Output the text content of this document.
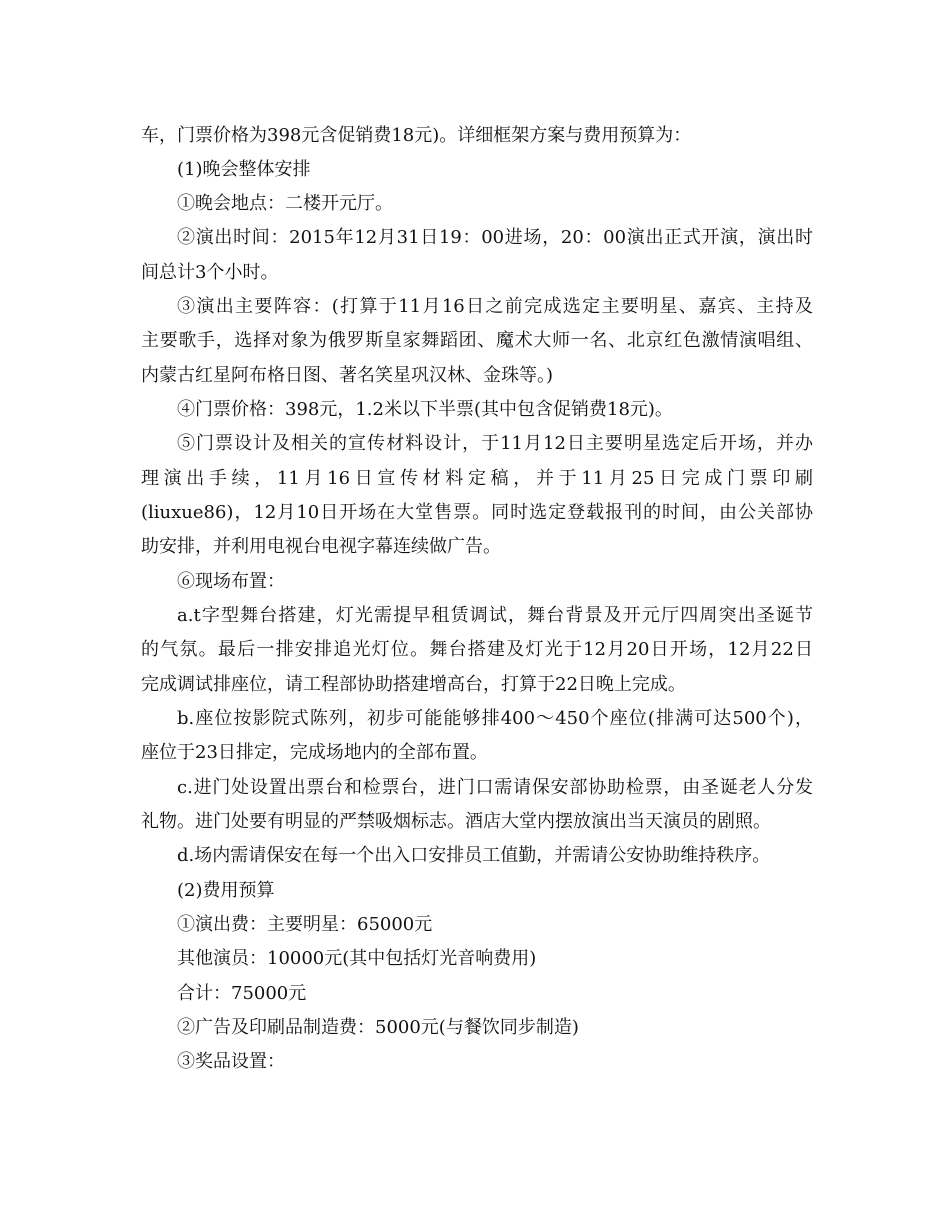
车，门票价格为398元含促销费18元)。详细框架方案与费用预算为：
(1)晚会整体安排
①晚会地点：二楼开元厅。
②演出时间：2015年12月31日19：00进场，20：00演出正式开演，演出时
间总计3个小时。
③演出主要阵容：(打算于11月16日之前完成选定主要明星、嘉宾、主持及
主要歌手，选择对象为俄罗斯皇家舞蹈团、魔术大师一名、北京红色激情演唱组、
内蒙古红星阿布格日图、著名笑星巩汉林、金珠等。)
④门票价格：398元，1.2米以下半票(其中包含促销费18元)。
⑤门票设计及相关的宣传材料设计，于11月12日主要明星选定后开场，并办
理演出手续，11月16日宣传材料定稿，并于11月25日完成门票印刷
(liuxue86)，12月10日开场在大堂售票。同时选定登载报刊的时间，由公关部协
助安排，并利用电视台电视字幕连续做广告。
⑥现场布置：
a.t字型舞台搭建，灯光需提早租赁调试，舞台背景及开元厅四周突出圣诞节
的气氛。最后一排安排追光灯位。舞台搭建及灯光于12月20日开场，12月22日
完成调试排座位，请工程部协助搭建增高台，打算于22日晚上完成。
b.座位按影院式陈列，初步可能能够排400～450个座位(排满可达500个)，
座位于23日排定，完成场地内的全部布置。
c.进门处设置出票台和检票台，进门口需请保安部协助检票，由圣诞老人分发
礼物。进门处要有明显的严禁吸烟标志。酒店大堂内摆放演出当天演员的剧照。
d.场内需请保安在每一个出入口安排员工值勤，并需请公安协助维持秩序。
(2)费用预算
①演出费：主要明星：65000元
其他演员：10000元(其中包括灯光音响费用)
合计：75000元
②广告及印刷品制造费：5000元(与餐饮同步制造)
③奖品设置：
